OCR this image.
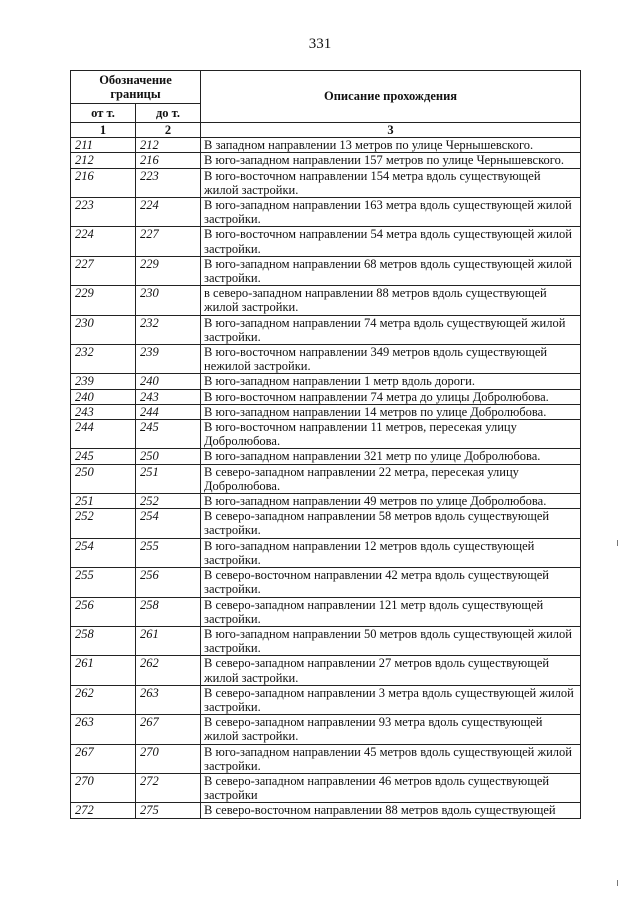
331
Обозначение границы		Описание прохождения
от т.	до т.	
1	2	3
211	212	В западном направлении 13 метров по улице Чернышевского.
212	216	В юго-западном направлении 157 метров по улице Чернышевского.
216	223	В юго-восточном направлении 154 метра вдоль существующей жилой застройки.
223	224	В юго-западном направлении 163 метра вдоль существующей жилой застройки.
224	227	В юго-восточном направлении 54 метра вдоль существующей жилой застройки.
227	229	В юго-западном направлении 68 метров вдоль существующей жилой застройки.
229	230	в северо-западном направлении 88 метров вдоль существующей жилой застройки.
230	232	В юго-западном направлении 74 метра вдоль существующей жилой застройки.
232	239	В юго-восточном направлении 349 метров вдоль существующей нежилой застройки.
239	240	В юго-западном направлении 1 метр вдоль дороги.
240	243	В юго-восточном направлении 74 метра до улицы Добролюбова.
243	244	В юго-западном направлении 14 метров по улице Добролюбова.
244	245	В юго-восточном направлении 11 метров, пересекая улицу Добролюбова.
245	250	В юго-западном направлении 321 метр по улице Добролюбова.
250	251	В северо-западном направлении 22 метра, пересекая улицу Добролюбова.
251	252	В юго-западном направлении 49 метров по улице Добролюбова.
252	254	В северо-западном направлении 58 метров вдоль существующей застройки.
254	255	В юго-западном направлении 12 метров вдоль существующей застройки.
255	256	В северо-восточном направлении 42 метра вдоль существующей застройки.
256	258	В северо-западном направлении 121 метр вдоль существующей застройки.
258	261	В юго-западном направлении 50 метров вдоль существующей жилой застройки.
261	262	В северо-западном направлении 27 метров вдоль существующей жилой застройки.
262	263	В северо-западном направлении 3 метра вдоль существующей жилой застройки.
263	267	В северо-западном направлении 93 метра вдоль существующей жилой застройки.
267	270	В юго-западном направлении 45 метров вдоль существующей жилой застройки.
270	272	В северо-западном направлении 46 метров вдоль существующей застройки
272	275	В северо-восточном направлении 88 метров вдоль существующей
